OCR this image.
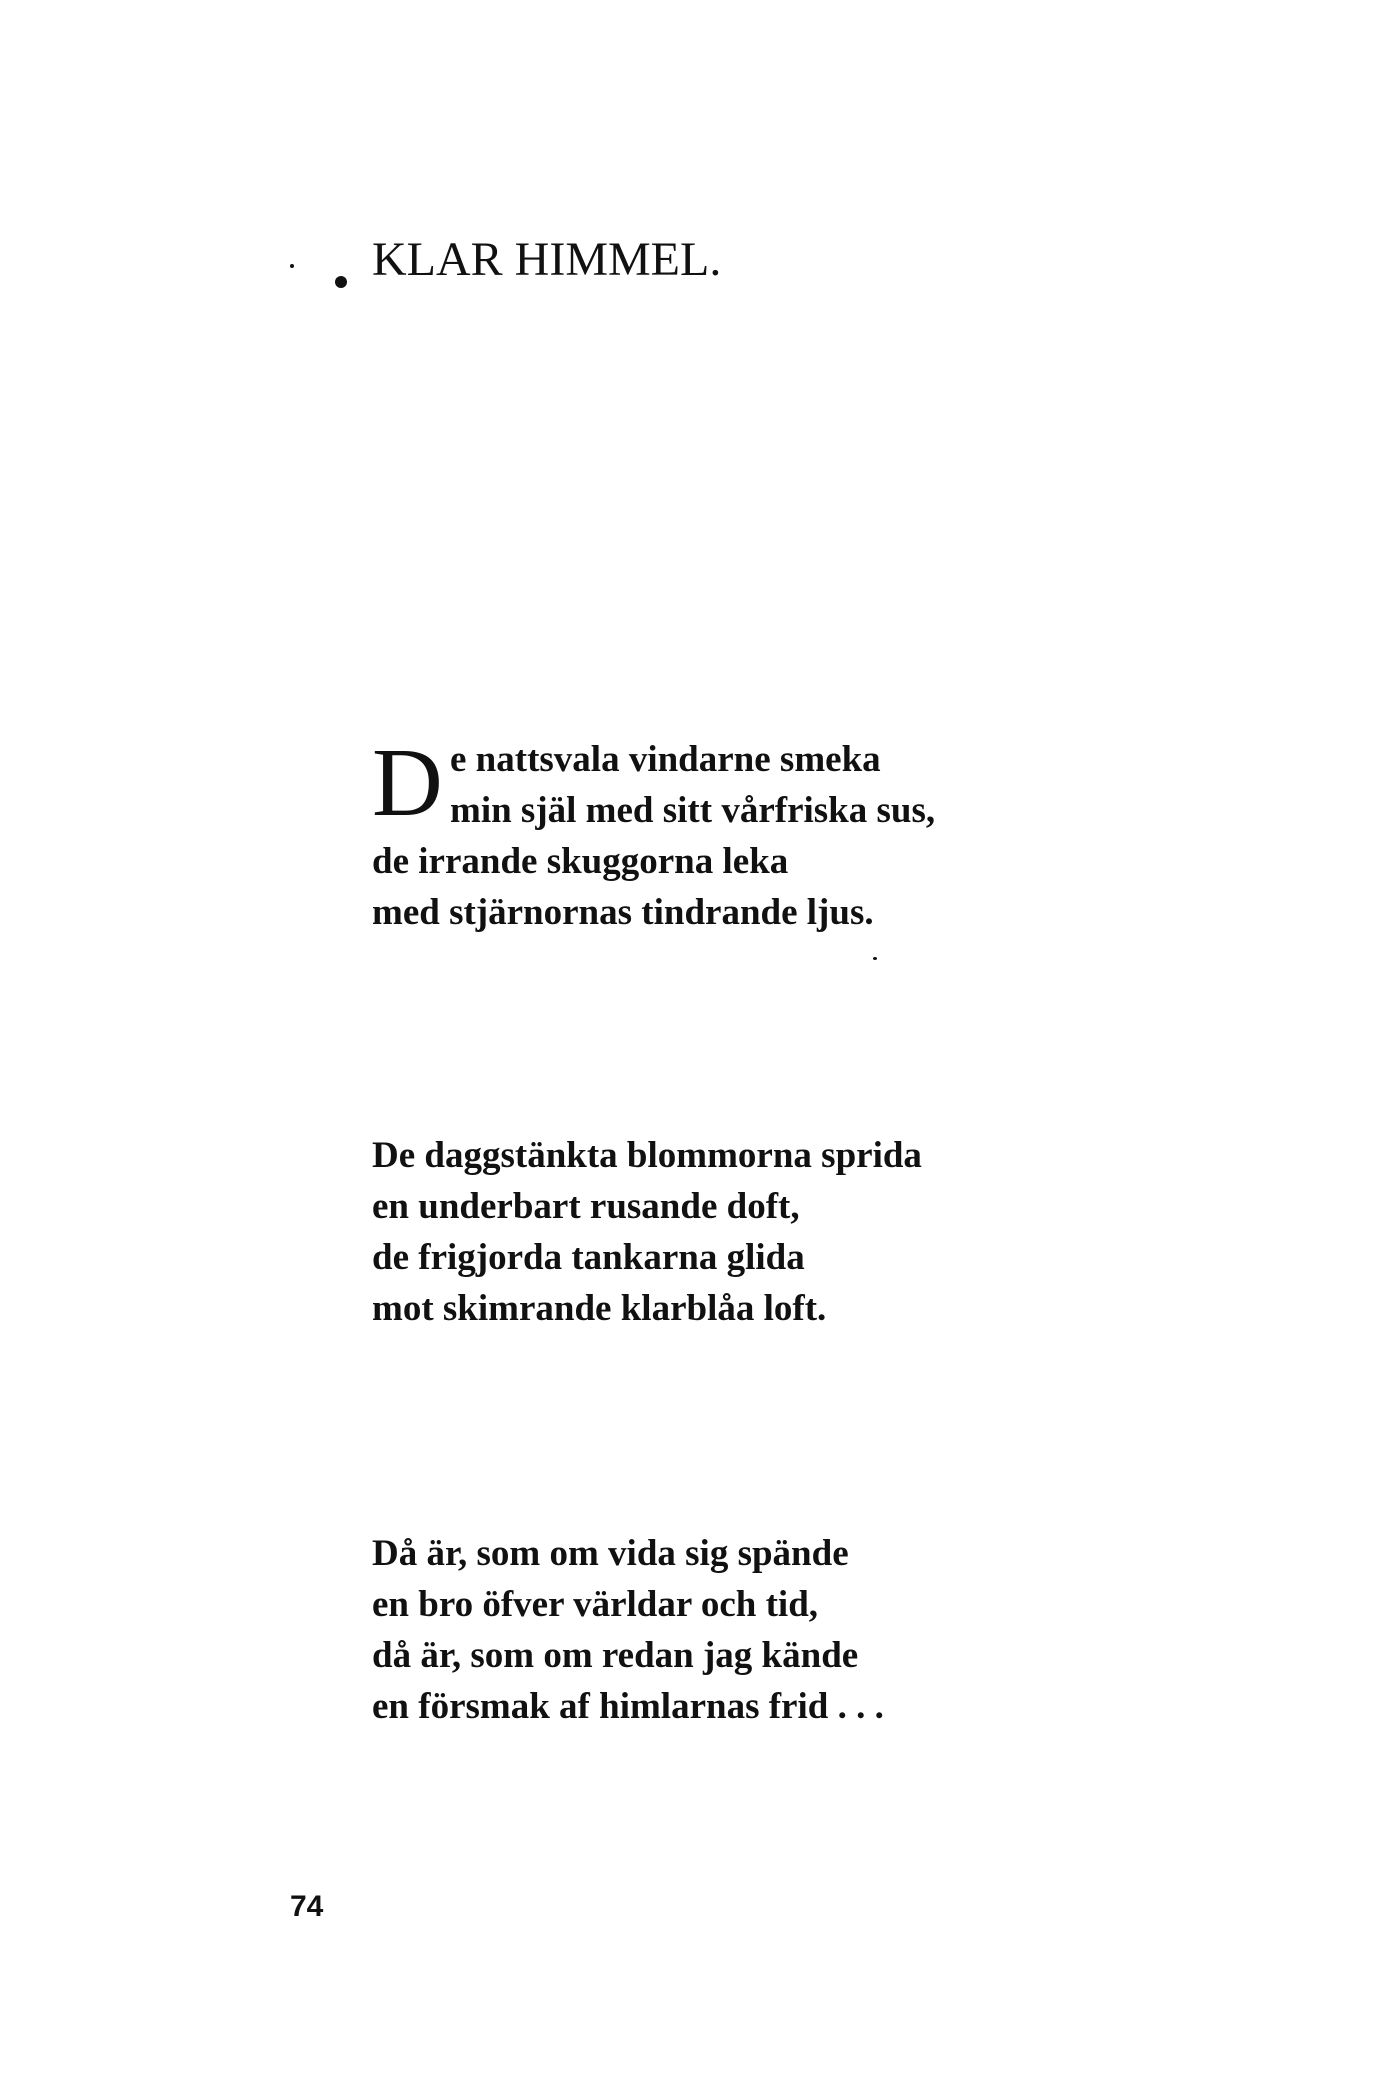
KLAR HIMMEL.
D e nattsvala vindarne smeka

min själ med sitt vårfriska sus,

de irrande skuggorna leka

med stjärnornas tindrande ljus.

De daggstänkta blommorna sprida

en underbart rusande doft,

de frigjorda tankarna glida

mot skimrande klarblåa loft.

Då är, som om vida sig spände

en bro öfver världar och tid,

då är, som om redan jag kände

en försmak af himlarnas frid . . .

74
